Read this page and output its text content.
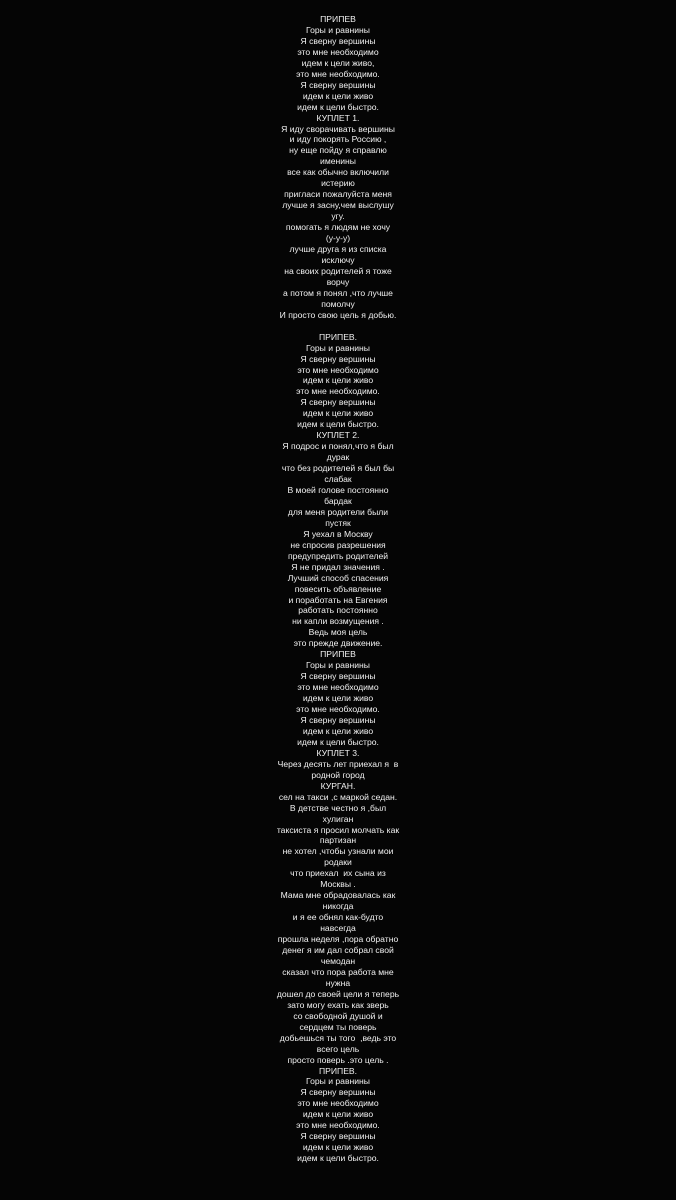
ПРИПЕВ
Горы и равнины
Я сверну вершины
это мне необходимо
идем к цели живо,
это мне необходимо.
Я сверну вершины
идем к цели живо
идем к цели быстро.
КУПЛЕТ 1.
Я иду сворачивать вершины
и иду покорять Россию ,
ну еще пойду я справлю
именины
все как обычно включили
истерию
пригласи пожалуйста меня
лучше я засну,чем выслушу
угу.
помогать я людям не хочу
(у-у-у)
лучше друга я из списка
исключу
на своих родителей я тоже
ворчу
а потом я понял ,что лучше
помолчу
И просто свою цель я добью.
ПРИПЕВ.
Горы и равнины
Я сверну вершины
это мне необходимо
идем к цели живо
это мне необходимо.
Я сверну вершины
идем к цели живо
идем к цели быстро.
КУПЛЕТ 2.
Я подрос и понял,что я был
дурак
что без родителей я был бы
слабак
В моей голове постоянно
бардак
для меня родители были
пустяк
Я уехал в Москву
не спросив разрешения
предупредить родителей
Я не придал значения .
Лучший способ спасения
повесить объявление
и поработать на Евгения
работать постоянно
ни капли возмущения .
Ведь моя цель
это прежде движение.
ПРИПЕВ
Горы и равнины
Я сверну вершины
это мне необходимо
идем к цели живо
это мне необходимо.
Я сверну вершины
идем к цели живо
идем к цели быстро.
КУПЛЕТ 3.
Через десять лет приехал я  в
родной город
КУРГАН.
сел на такси ,с маркой седан.
В детстве честно я ,был
хулиган
таксиста я просил молчать как
партизан
не хотел ,чтобы узнали мои
родаки
что приехал  их сына из
Москвы .
Мама мне обрадовалась как
никогда
и я ее обнял как-будто
навсегда
прошла неделя ,пора обратно
денег я им дал собрал свой
чемодан
сказал что пора работа мне
нужна
дошел до своей цели я теперь
зато могу ехать как зверь
со свободной душой и
сердцем ты поверь
добьешься ты того  ,ведь это
всего цель
просто поверь .это цель .
ПРИПЕВ.
Горы и равнины
Я сверну вершины
это мне необходимо
идем к цели живо
это мне необходимо.
Я сверну вершины
идем к цели живо
идем к цели быстро.
